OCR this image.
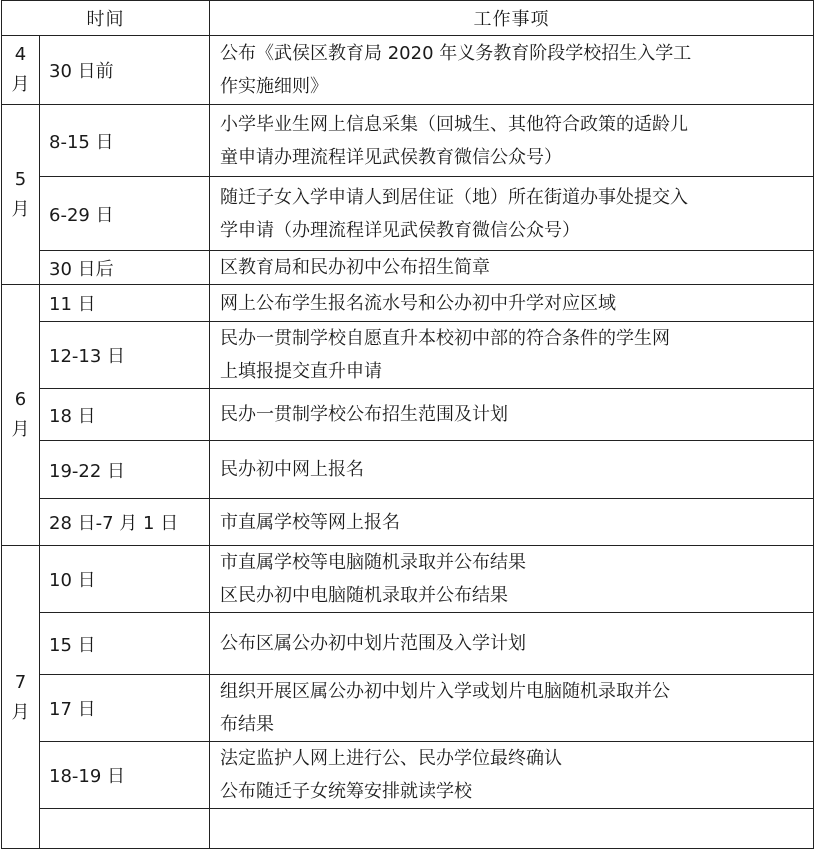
时间		工作事项

4
月	30 日前	公布《武侯区教育局 2020 年义务教育阶段学校招生入学工
作实施细则》

5
月	8-15 日	小学毕业生网上信息采集（回城生、其他符合政策的适龄儿
童申请办理流程详见武侯教育微信公众号）

	6-29 日	随迁子女入学申请人到居住证（地）所在街道办事处提交入
学申请（办理流程详见武侯教育微信公众号）

	30 日后	区教育局和民办初中公布招生简章

6
月	11 日	网上公布学生报名流水号和公办初中升学对应区域

	12-13 日	民办一贯制学校自愿直升本校初中部的符合条件的学生网
上填报提交直升申请

	18 日	民办一贯制学校公布招生范围及计划

	19-22 日	民办初中网上报名

	28 日-7 月 1 日	市直属学校等网上报名

7
月	10 日	市直属学校等电脑随机录取并公布结果
区民办初中电脑随机录取并公布结果

	15 日	公布区属公办初中划片范围及入学计划

	17 日	组织开展区属公办初中划片入学或划片电脑随机录取并公
布结果

	18-19 日	法定监护人网上进行公、民办学位最终确认
公布随迁子女统筹安排就读学校
